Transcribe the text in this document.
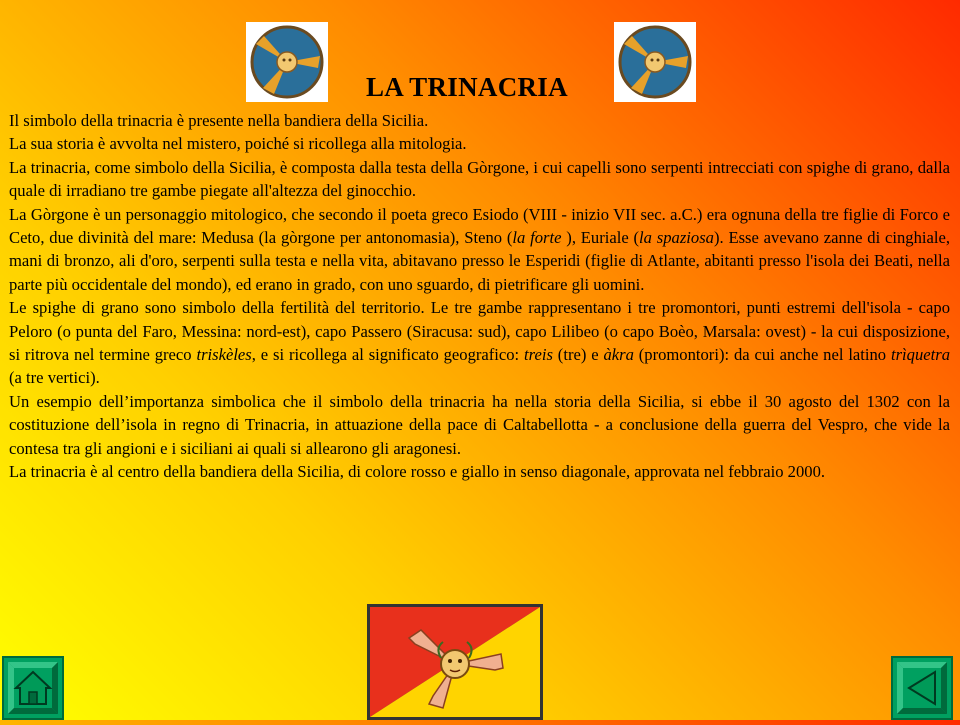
LA TRINACRIA

Il simbolo della trinacria è presente nella bandiera della Sicilia.

La sua storia è avvolta nel mistero, poiché si ricollega alla mitologia.

La trinacria, come simbolo della Sicilia, è composta dalla testa della Gòrgone, i cui capelli sono serpenti intrecciati con spighe di grano, dalla quale di irradiano tre gambe piegate all'altezza del ginocchio.

La Gòrgone è un personaggio mitologico, che secondo il poeta greco Esiodo (VIII - inizio VII sec. a.C.) era ognuna della tre figlie di Forco e Ceto, due divinità del mare: Medusa (la gòrgone per antonomasia), Steno (la forte ), Euriale (la spaziosa). Esse avevano zanne di cinghiale, mani di bronzo, ali d'oro, serpenti sulla testa e nella vita, abitavano presso le Esperidi (figlie di Atlante, abitanti presso l'isola dei Beati, nella parte più occidentale del mondo), ed erano in grado, con uno sguardo, di pietrificare gli uomini.

Le spighe di grano sono simbolo della fertilità del territorio. Le tre gambe rappresentano i tre promontori, punti estremi dell'isola - capo Peloro (o punta del Faro, Messina: nord-est), capo Passero (Siracusa: sud), capo Lilibeo (o capo Boèo, Marsala: ovest) - la cui disposizione, si ritrova nel termine greco triskèles, e si ricollega al significato geografico: treis (tre) e àkra (promontori): da cui anche nel latino trìquetra (a tre vertici).

Un esempio dell’importanza simbolica che il simbolo della trinacria ha nella storia della Sicilia, si ebbe il 30 agosto del 1302 con la costituzione dell’isola in regno di Trinacria, in attuazione della pace di Caltabellotta - a conclusione della guerra del Vespro, che vide la contesa tra gli angioni e i siciliani ai quali si allearono gli aragonesi.

La trinacria è al centro della bandiera della Sicilia, di colore rosso e giallo in senso diagonale, approvata nel febbraio 2000.
